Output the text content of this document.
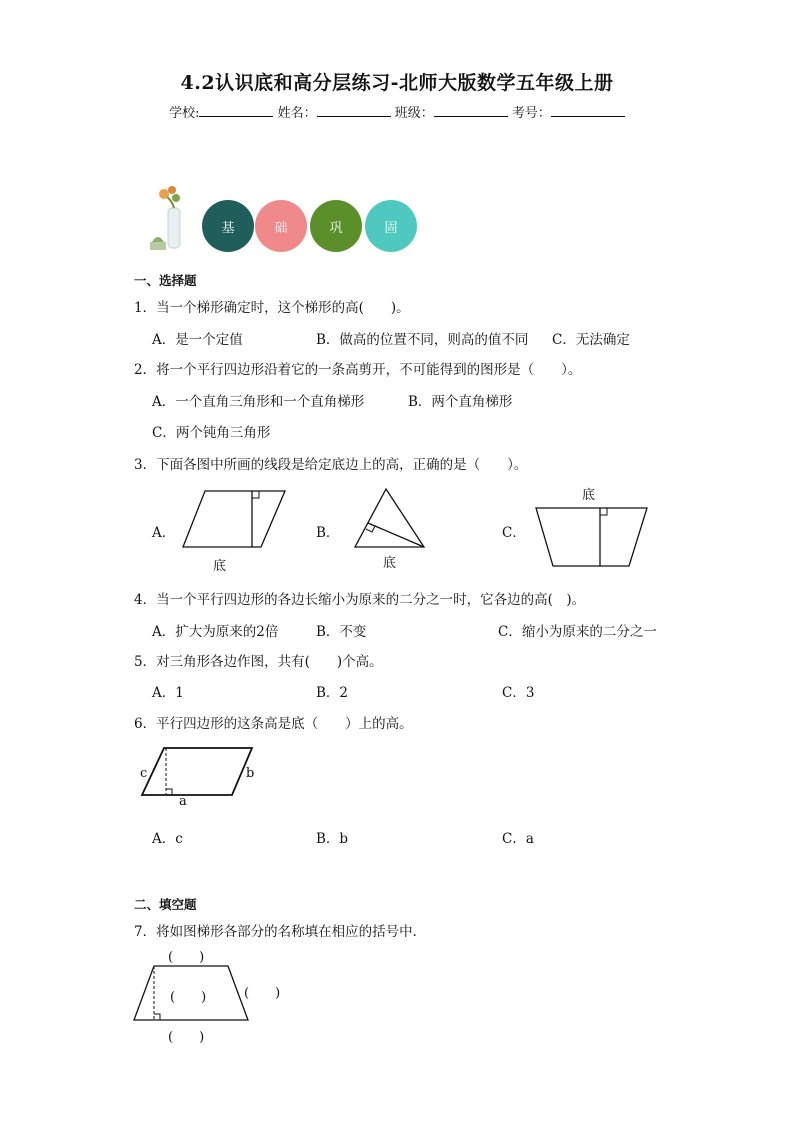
4.2认识底和高分层练习-北师大版数学五年级上册
学校:	姓名：	班级：	考号：
基	础	巩	固
一、选择题
1．当一个梯形确定时，这个梯形的高(　　)。
A．是一个定值	B．做高的位置不同，则高的值不同 C．无法确定
2．将一个平行四边形沿着它的一条高剪开，不可能得到的图形是（　　）。
A．一个直角三角形和一个直角梯形	B．两个直角梯形
C．两个钝角三角形
3．下面各图中所画的线段是给定底边上的高，正确的是（　　）。
A．	B．	C．
底	底
底
4．当一个平行四边形的各边长缩小为原来的二分之一时，它各边的高(　)。
A．扩大为原来的2倍	B．不变	C．缩小为原来的二分之一
5．对三角形各边作图，共有(　　)个高。
A．1	B．2	C．3
6．平行四边形的这条高是底（　　）上的高。
c	b
a
A．c	B．b	C．a
二、填空题
7．将如图梯形各部分的名称填在相应的括号中．
(　　)
(　　)	(　　)
(　　)
